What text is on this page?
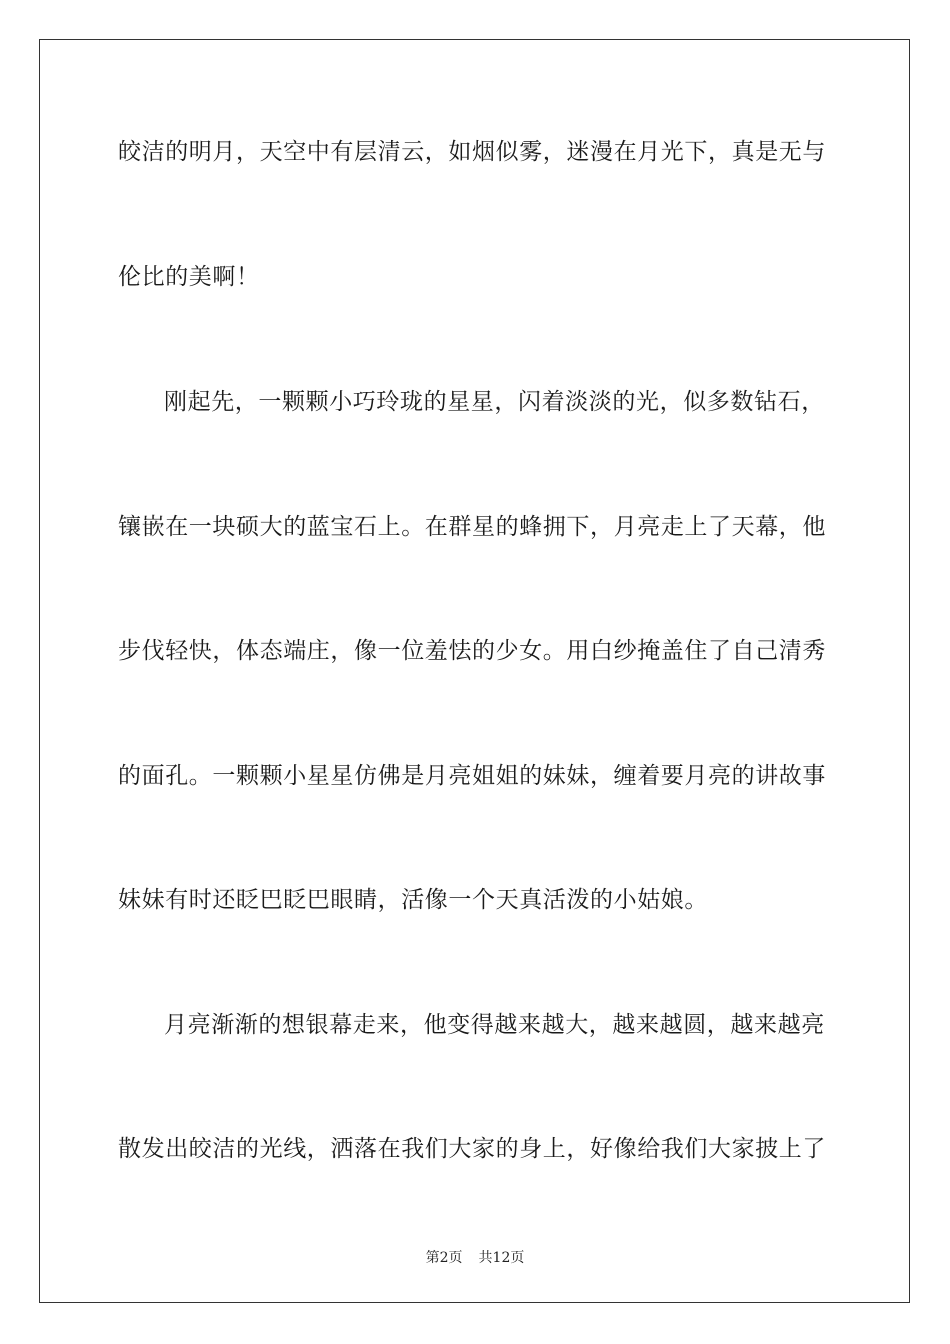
皎洁的明月，天空中有层清云，如烟似雾，迷漫在月光下，真是无与
伦比的美啊！
刚起先，一颗颗小巧玲珑的星星，闪着淡淡的光，似多数钻石，
镶嵌在一块硕大的蓝宝石上。在群星的蜂拥下，月亮走上了天幕，他
步伐轻快，体态端庄，像一位羞怯的少女。用白纱掩盖住了自己清秀
的面孔。一颗颗小星星仿佛是月亮姐姐的妹妹，缠着要月亮的讲故事
妹妹有时还眨巴眨巴眼睛，活像一个天真活泼的小姑娘。
月亮渐渐的想银幕走来，他变得越来越大，越来越圆，越来越亮
散发出皎洁的光线，洒落在我们大家的身上，好像给我们大家披上了
第2页 共12页
